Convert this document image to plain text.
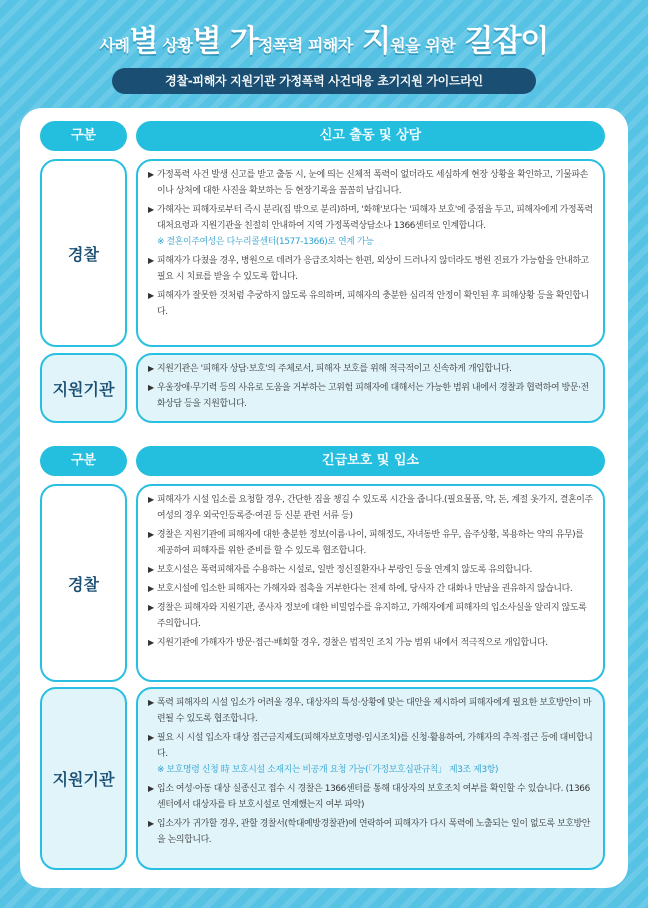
사례별 상황별 가정폭력 피해자 지원을 위한 길잡이
경찰-피해자 지원기관 가정폭력 사건대응 초기지원 가이드라인
구분	신고 출동 및 상담
경찰
▶ 가정폭력 사건 발생 신고를 받고 출동 시, 눈에 띄는 신체적 폭력이 없더라도 세심하게 현장 상황을 확인하고, 기물파손이나 상처에 대한 사진을 확보하는 등 현장기록을 꼼꼼히 남깁니다.
▶ 가해자는 피해자로부터 즉시 분리(집 밖으로 분리)하며, '화해'보다는 '피해자 보호'에 중점을 두고, 피해자에게 가정폭력 대처요령과 지원기관을 친절히 안내하여 지역 가정폭력상담소나 1366센터로 인계합니다.
※ 결혼이주여성은 다누리콜센터(1577-1366)로 연계 가능
▶ 피해자가 다쳤을 경우, 병원으로 데려가 응급조치하는 한편, 외상이 드러나지 않더라도 병원 진료가 가능함을 안내하고 필요 시 치료를 받을 수 있도록 합니다.
▶ 피해자가 잘못한 것처럼 추궁하지 않도록 유의하며, 피해자의 충분한 심리적 안정이 확인된 후 피해상황 등을 확인합니다.
지원기관
▶ 지원기관은 '피해자 상담·보호'의 주체로서, 피해자 보호를 위해 적극적이고 신속하게 개입합니다.
▶ 우울장애·무기력 등의 사유로 도움을 거부하는 고위험 피해자에 대해서는 가능한 범위 내에서 경찰과 협력하여 방문·전화상담 등을 지원합니다.
구분	긴급보호 및 입소
경찰
▶ 피해자가 시설 입소를 요청할 경우, 간단한 짐을 챙길 수 있도록 시간을 줍니다.(필요물품, 약, 돈, 계절 옷가지, 결혼이주여성의 경우 외국인등록증·여권 등 신분 관련 서류 등)
▶ 경찰은 지원기관에 피해자에 대한 충분한 정보(이름·나이, 피해정도, 자녀동반 유무, 음주상황, 복용하는 약의 유무)를 제공하여 피해자를 위한 준비를 할 수 있도록 협조합니다.
▶ 보호시설은 폭력피해자를 수용하는 시설로, 일반 정신질환자나 부랑인 등을 연계치 않도록 유의합니다.
▶ 보호시설에 입소한 피해자는 가해자와 접촉을 거부한다는 전제 하에, 당사자 간 대화나 만남을 권유하지 않습니다.
▶ 경찰은 피해자와 지원기관, 종사자 정보에 대한 비밀엄수를 유지하고, 가해자에게 피해자의 입소사실을 알리지 않도록 주의합니다.
▶ 지원기관에 가해자가 방문·접근·배회할 경우, 경찰은 법적인 조치 가능 범위 내에서 적극적으로 개입합니다.
지원기관
▶ 폭력 피해자의 시설 입소가 어려울 경우, 대상자의 특성·상황에 맞는 대안을 제시하여 피해자에게 필요한 보호방안이 마련될 수 있도록 협조합니다.
▶ 필요 시 시설 입소자 대상 접근금지제도(피해자보호명령·임시조치)를 신청·활용하여, 가해자의 추적·접근 등에 대비합니다.
※ 보호명령 신청 時 보호시설 소재지는 비공개 요청 가능(「가정보호심판규칙」 제3조 제3항)
▶ 입소 여성·아동 대상 실종신고 접수 시 경찰은 1366센터를 통해 대상자의 보호조치 여부를 확인할 수 있습니다. (1366센터에서 대상자를 타 보호시설로 연계했는지 여부 파악)
▶ 입소자가 귀가할 경우, 관할 경찰서(학대예방경찰관)에 연락하여 피해자가 다시 폭력에 노출되는 일이 없도록 보호방안을 논의합니다.
